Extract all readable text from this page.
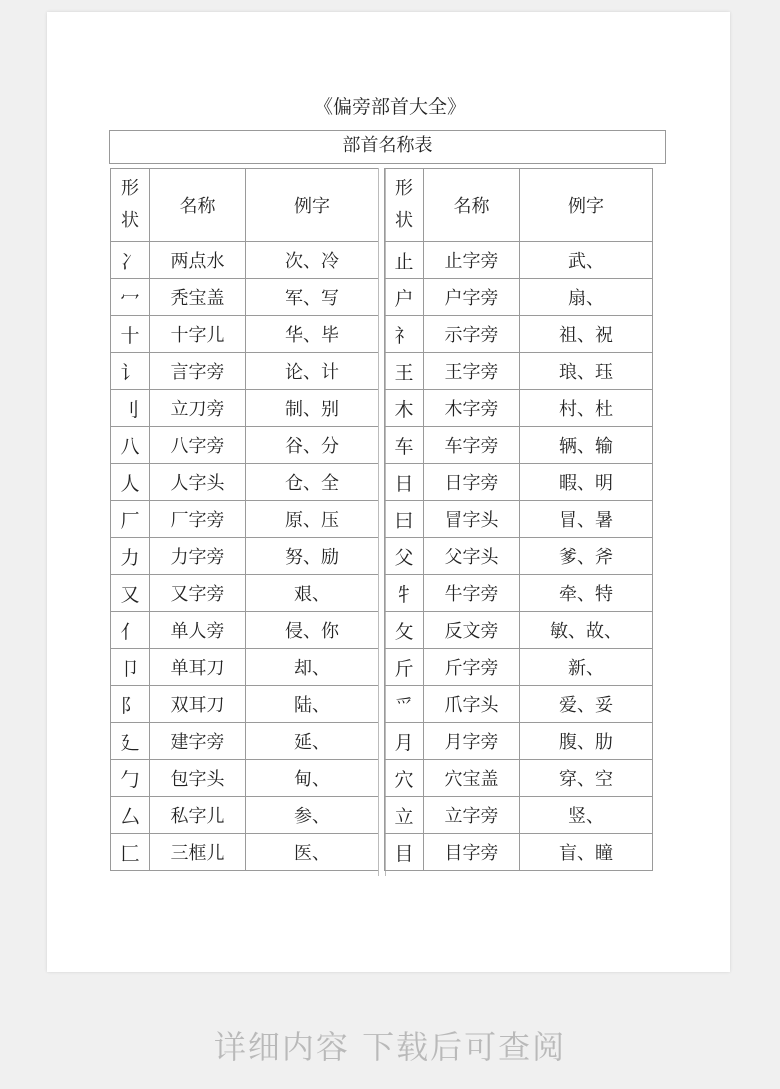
《偏旁部首大全》
部首名称表
形
状	名称	例字
冫	两点水	次、冷
冖	秃宝盖	军、写
十	十字儿	华、毕
讠	言字旁	论、计
刂	立刀旁	制、别
八	八字旁	谷、分
人	人字头	仓、全
厂	厂字旁	原、压
力	力字旁	努、励
又	又字旁	艰、
亻	单人旁	侵、你
卩	单耳刀	却、
阝	双耳刀	陆、
廴	建字旁	延、
勹	包字头	甸、
厶	私字儿	参、
匚	三框儿	医、
形
状	名称	例字
止	止字旁	武、
户	户字旁	扇、
礻	示字旁	祖、祝
王	王字旁	琅、珏
木	木字旁	村、杜
车	车字旁	辆、输
日	日字旁	暇、明
曰	冒字头	冒、暑
父	父字头	爹、斧
牜	牛字旁	牵、特
攵	反文旁	敏、故、
斤	斤字旁	新、
爫	爪字头	爱、妥
月	月字旁	腹、肋
穴	穴宝盖	穿、空
立	立字旁	竖、
目	目字旁	盲、瞳
详细内容 下载后可查阅
